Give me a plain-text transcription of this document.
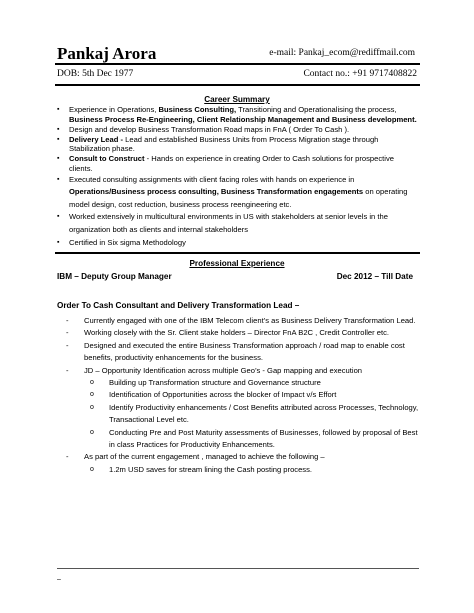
Pankaj Arora	e-mail: Pankaj_ecom@rediffmail.com
DOB: 5th Dec 1977	Contact no.: +91 9717408822
Career Summary
▪ Experience in Operations, Business Consulting, Transitioning and Operationalising the process, Business Process Re-Engineering, Client Relationship Management and Business development.
▪ Design and develop Business Transformation Road maps in FnA ( Order To Cash ).
▪ Delivery Lead - Lead and established Business Units from Process Migration stage through Stabilization phase.
▪ Consult to Construct - Hands on experience in creating Order to Cash solutions for prospective clients.
▪ Executed consulting assignments with client facing roles with hands on experience in Operations/Business process consulting, Business Transformation engagements on operating model design, cost reduction, business process reengineering etc.
▪ Worked extensively in multicultural environments in US with stakeholders at senior levels in the organization both as clients and internal stakeholders
▪ Certified in Six sigma Methodology
Professional Experience
IBM – Deputy Group Manager	Dec 2012 – Till Date
Order To Cash Consultant and Delivery Transformation Lead –
- Currently engaged with one of the IBM Telecom client’s as Business Delivery Transformation Lead.
- Working closely with the Sr. Client stake holders – Director FnA B2C , Credit Controller etc.
- Designed and executed the entire Business Transformation approach / road map to enable cost benefits, productivity enhancements for the business.
- JD – Opportunity Identification across multiple Geo’s - Gap mapping and execution
o Building up Transformation structure and Governance structure
o Identification of Opportunities across the blocker of Impact v/s Effort
o Identify Productivity enhancements / Cost Benefits attributed across Processes, Technology, Transactional Level etc.
o Conducting Pre and Post Maturity assessments of Businesses, followed by proposal of Best in class Practices for Productivity Enhancements.
- As part of the current engagement , managed to achieve the following –
o 1.2m USD saves for stream lining the Cash posting process.
–
